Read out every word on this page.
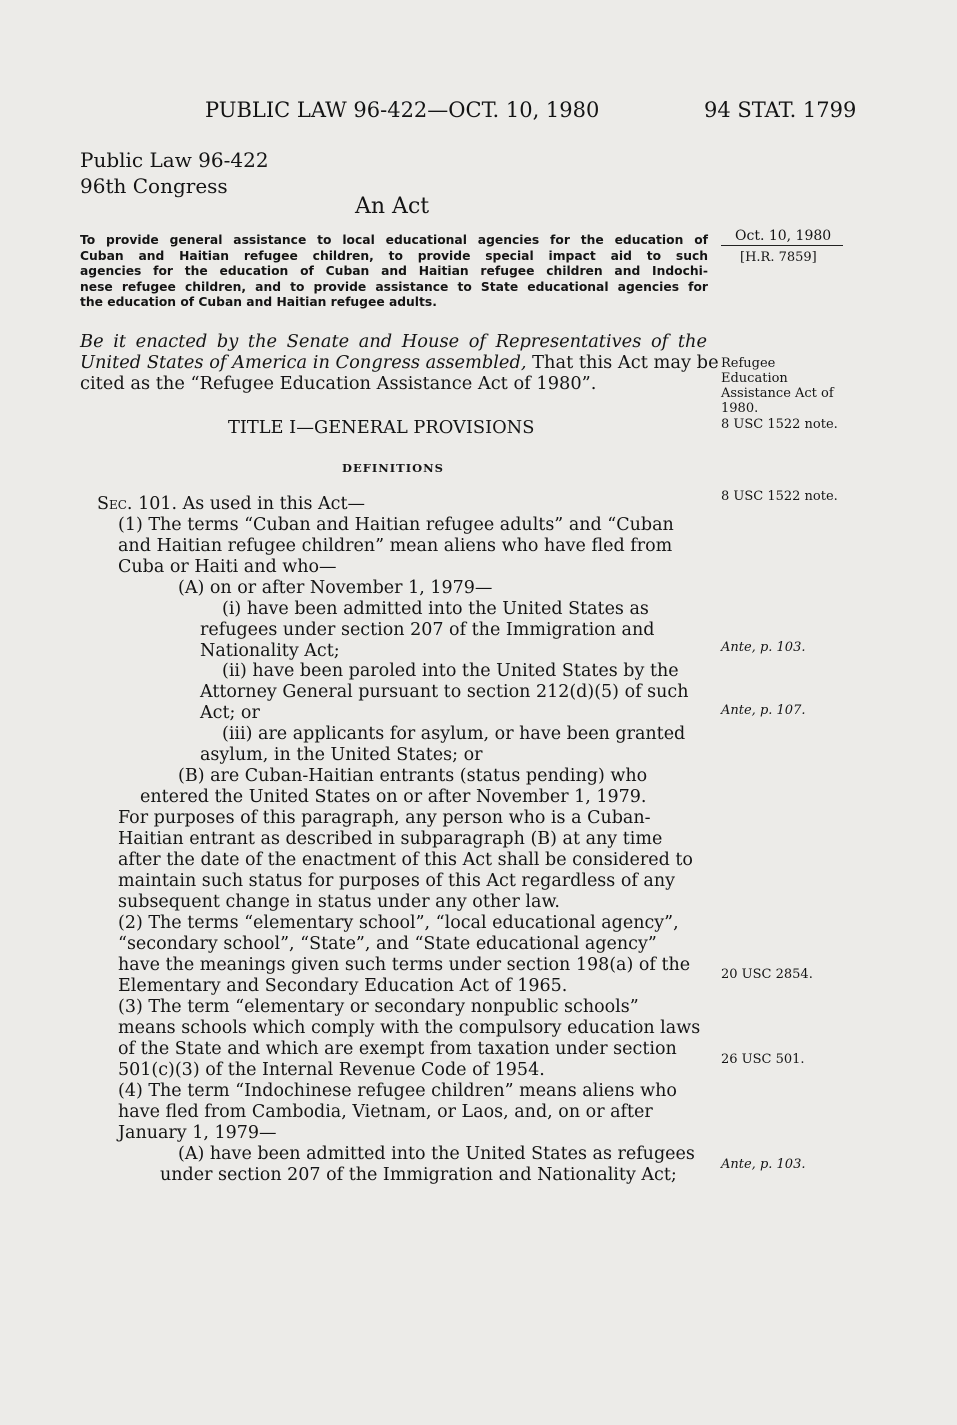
PUBLIC LAW 96-422—OCT. 10, 1980	94 STAT. 1799
Public Law 96-422
96th Congress
An Act
To provide general assistance to local educational agencies for the education of
Cuban and Haitian refugee children, to provide special impact aid to such
agencies for the education of Cuban and Haitian refugee children and Indochi-
nese refugee children, and to provide assistance to State educational agencies for
the education of Cuban and Haitian refugee adults.
Oct. 10, 1980
[H.R. 7859]
Refugee
Education
Assistance Act of
1980.
8 USC 1522 note.
8 USC 1522 note.
Ante, p. 103.
Ante, p. 107.
20 USC 2854.
26 USC 501.
Ante, p. 103.
Be it enacted by the Senate and House of Representatives of the
United States of America in Congress assembled, That this Act may be
cited as the “Refugee Education Assistance Act of 1980”.
TITLE I—GENERAL PROVISIONS
DEFINITIONS
Sec. 101. As used in this Act—
(1) The terms “Cuban and Haitian refugee adults” and “Cuban
and Haitian refugee children” mean aliens who have fled from
Cuba or Haiti and who—
(A) on or after November 1, 1979—
(i) have been admitted into the United States as
refugees under section 207 of the Immigration and
Nationality Act;
(ii) have been paroled into the United States by the
Attorney General pursuant to section 212(d)(5) of such
Act; or
(iii) are applicants for asylum, or have been granted
asylum, in the United States; or
(B) are Cuban-Haitian entrants (status pending) who
entered the United States on or after November 1, 1979.
For purposes of this paragraph, any person who is a Cuban-
Haitian entrant as described in subparagraph (B) at any time
after the date of the enactment of this Act shall be considered to
maintain such status for purposes of this Act regardless of any
subsequent change in status under any other law.
(2) The terms “elementary school”, “local educational agency”,
“secondary school”, “State”, and “State educational agency”
have the meanings given such terms under section 198(a) of the
Elementary and Secondary Education Act of 1965.
(3) The term “elementary or secondary nonpublic schools”
means schools which comply with the compulsory education laws
of the State and which are exempt from taxation under section
501(c)(3) of the Internal Revenue Code of 1954.
(4) The term “Indochinese refugee children” means aliens who
have fled from Cambodia, Vietnam, or Laos, and, on or after
January 1, 1979—
(A) have been admitted into the United States as refugees
under section 207 of the Immigration and Nationality Act;
